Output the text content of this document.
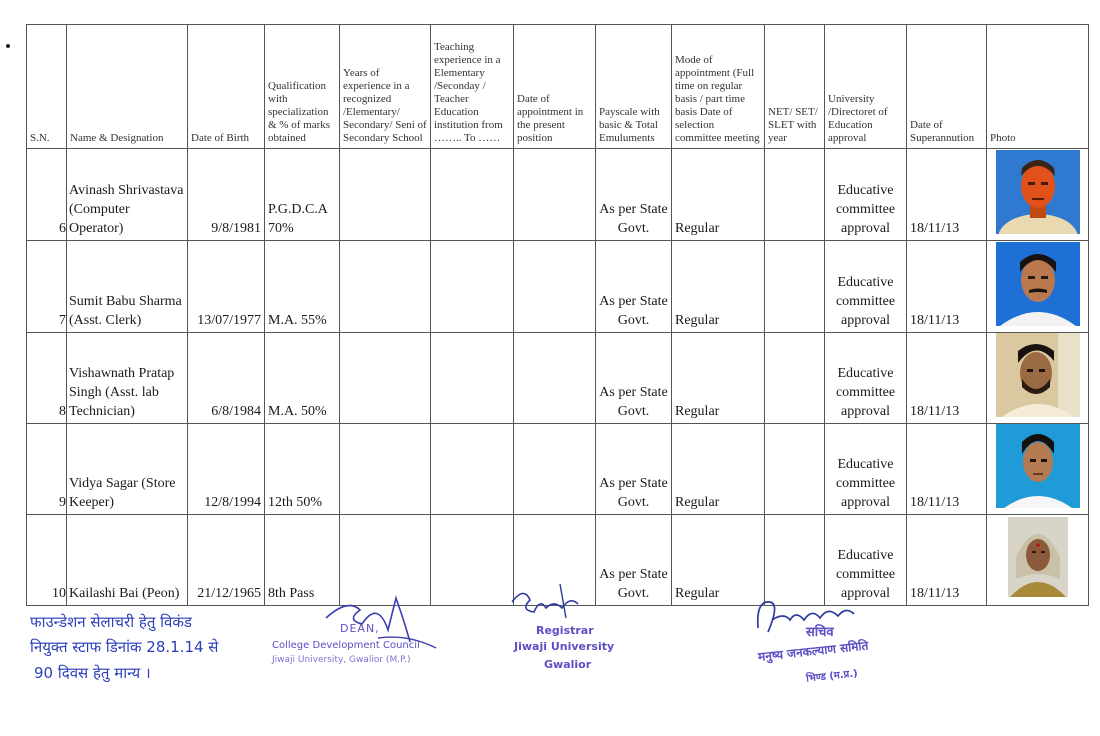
S.N.	Name & Designation	Date of Birth	Qualification with specialization & % of marks obtained	Years of experience in a recognized /Elementary/ Secondary/ Seni of Secondary School	Teaching experience in a Elementary /Seconday / Teacher Education institution from …….. To ……	Date of appointment in the present position	Payscale with basic & Total Emuluments	Mode of appointment (Full time on regular basis / part time basis Date of selection committee meeting	NET/ SET/ SLET with year	University /Directoret of Education approval	Date of Superannution	Photo
6	Avinash Shrivastava (Computer Operator)	9/8/1981	P.G.D.C.A 70%				As per State Govt.	Regular		Educative committee approval	18/11/13	

7	Sumit Babu Sharma (Asst. Clerk)	13/07/1977	M.A. 55%				As per State Govt.	Regular		Educative committee approval	18/11/13	

8	Vishawnath Pratap Singh (Asst. lab Technician)	6/8/1984	M.A. 50%				As per State Govt.	Regular		Educative committee approval	18/11/13	

9	Vidya Sagar (Store Keeper)	12/8/1994	12th 50%				As per State Govt.	Regular		Educative committee approval	18/11/13	

10	Kailashi Bai (Peon)	21/12/1965	8th Pass				As per State Govt.	Regular		Educative committee approval	18/11/13	
फाउन्डेशन सेलाचरी हेतु विकंड
नियुक्त स्टाफ डिनांक 28.1.14 से
90 दिवस हेतु मान्य ।
DEAN,
College Development Council
Jiwaji University, Gwalior (M.P.)
Registrar
Jiwaji University
Gwalior
सचिव
मनुष्य जनकल्याण समिति
भिण्ड (म.प्र.)
